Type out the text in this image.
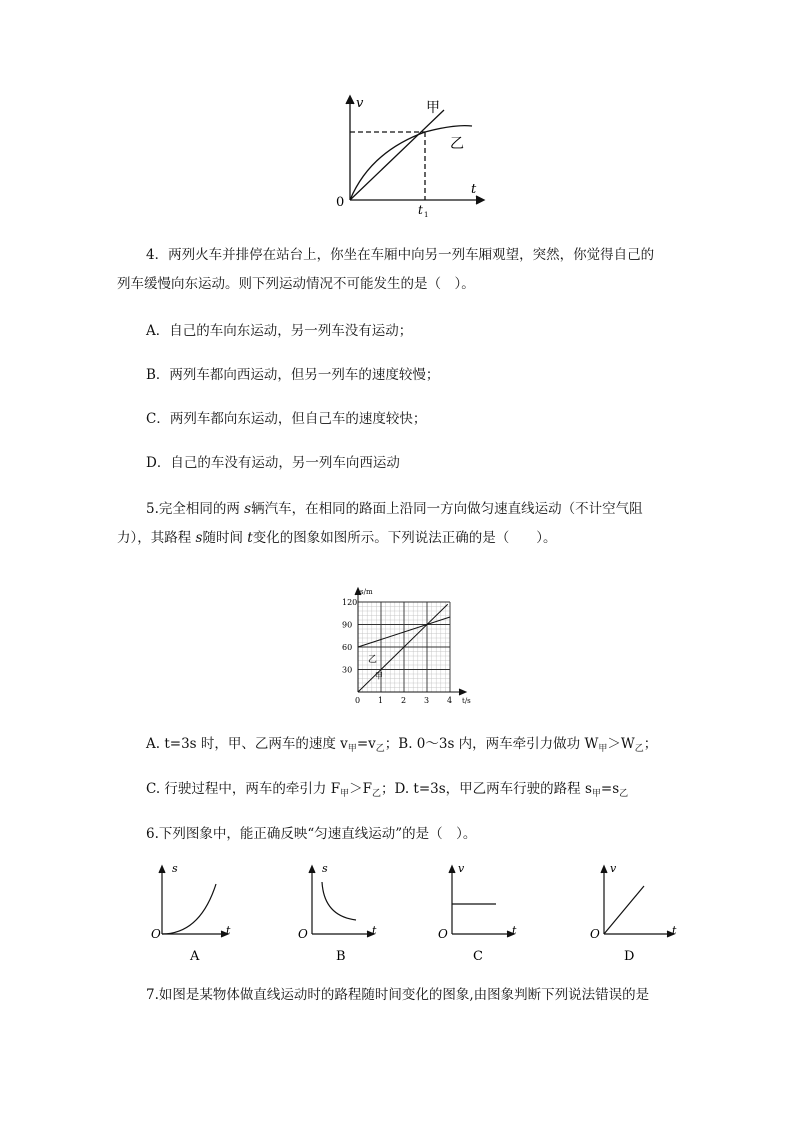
v
t
0	t 1
甲
乙
4．两列火车并排停在站台上，你坐在车厢中向另一列车厢观望，突然，你觉得自己的
列车缓慢向东运动。则下列运动情况不可能发生的是（　）。
A．自己的车向东运动，另一列车没有运动；
B．两列车都向西运动，但另一列车的速度较慢；
C．两列车都向东运动，但自己车的速度较快；
D．自己的车没有运动，另一列车向西运动
5.完全相同的两 s辆汽车，在相同的路面上沿同一方向做匀速直线运动（不计空气阻
力），其路程 s随时间 t变化的图象如图所示。下列说法正确的是（　　）。
0 1 2 3 4
30
60
90
120
s/m
t/s
乙
甲
A. t=3s 时，甲、乙两车的速度 $v_甲=v_乙$；B. 0～3s 内，两车牵引力做功 $W_甲>W_乙$；
C. 行驶过程中，两车的牵引力 $F_甲>F_乙$；D. t=3s，甲乙两车行驶的路程 $s_甲=s_乙$
6.下列图象中，能正确反映“匀速直线运动”的是（　）。
s
t
O
A
s
t
O
B
v
t
O
C
v
t
O
D
7.如图是某物体做直线运动时的路程随时间变化的图象,由图象判断下列说法错误的是
